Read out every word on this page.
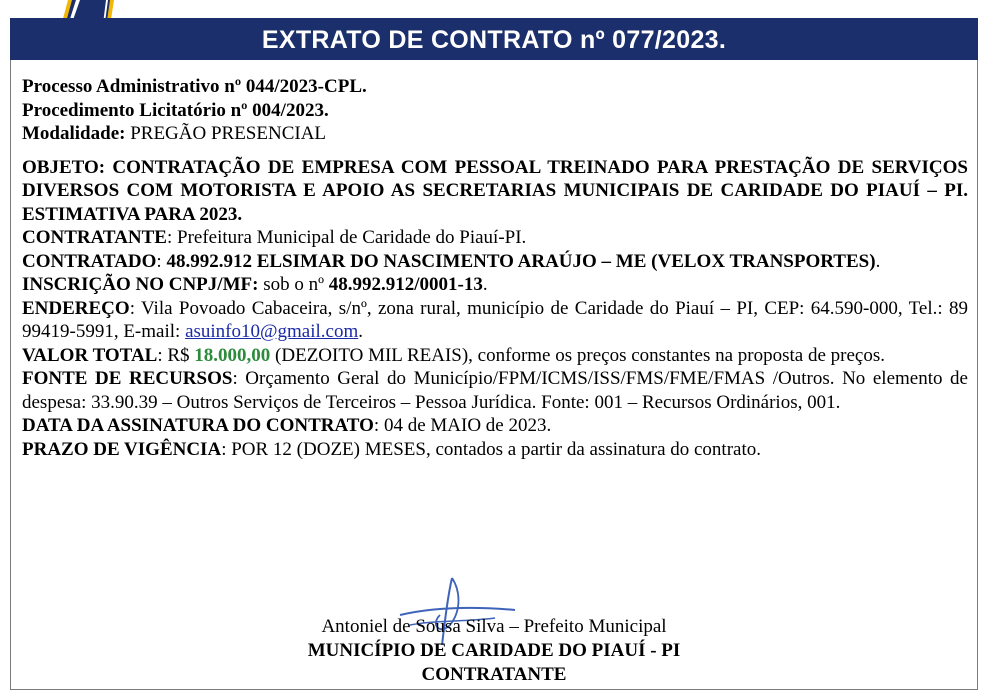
EXTRATO DE CONTRATO nº 077/2023.

Processo Administrativo nº 044/2023-CPL.

Procedimento Licitatório nº 004/2023.

Modalidade: PREGÃO PRESENCIAL

OBJETO: CONTRATAÇÃO DE EMPRESA COM PESSOAL TREINADO PARA PRESTAÇÃO DE SERVIÇOS DIVERSOS COM MOTORISTA E APOIO AS SECRETARIAS MUNICIPAIS DE CARIDADE DO PIAUÍ – PI. ESTIMATIVA PARA 2023.

CONTRATANTE: Prefeitura Municipal de Caridade do Piauí-PI.

CONTRATADO: 48.992.912 ELSIMAR DO NASCIMENTO ARAÚJO – ME (VELOX TRANSPORTES).

INSCRIÇÃO NO CNPJ/MF: sob o nº 48.992.912/0001-13.

ENDEREÇO: Vila Povoado Cabaceira, s/nº, zona rural, município de Caridade do Piauí – PI, CEP: 64.590-000, Tel.: 89 99419-5991, E-mail: asuinfo10@gmail.com.

VALOR TOTAL: R$ 18.000,00 (DEZOITO MIL REAIS), conforme os preços constantes na proposta de preços.

FONTE DE RECURSOS: Orçamento Geral do Município/FPM/ICMS/ISS/FMS/FME/FMAS /Outros. No elemento de despesa: 33.90.39 – Outros Serviços de Terceiros – Pessoa Jurídica. Fonte: 001 – Recursos Ordinários, 001.

DATA DA ASSINATURA DO CONTRATO: 04 de MAIO de 2023.

PRAZO DE VIGÊNCIA: POR 12 (DOZE) MESES, contados a partir da assinatura do contrato.

Antoniel de Sousa Silva – Prefeito Municipal
MUNICÍPIO DE CARIDADE DO PIAUÍ - PI
CONTRATANTE
